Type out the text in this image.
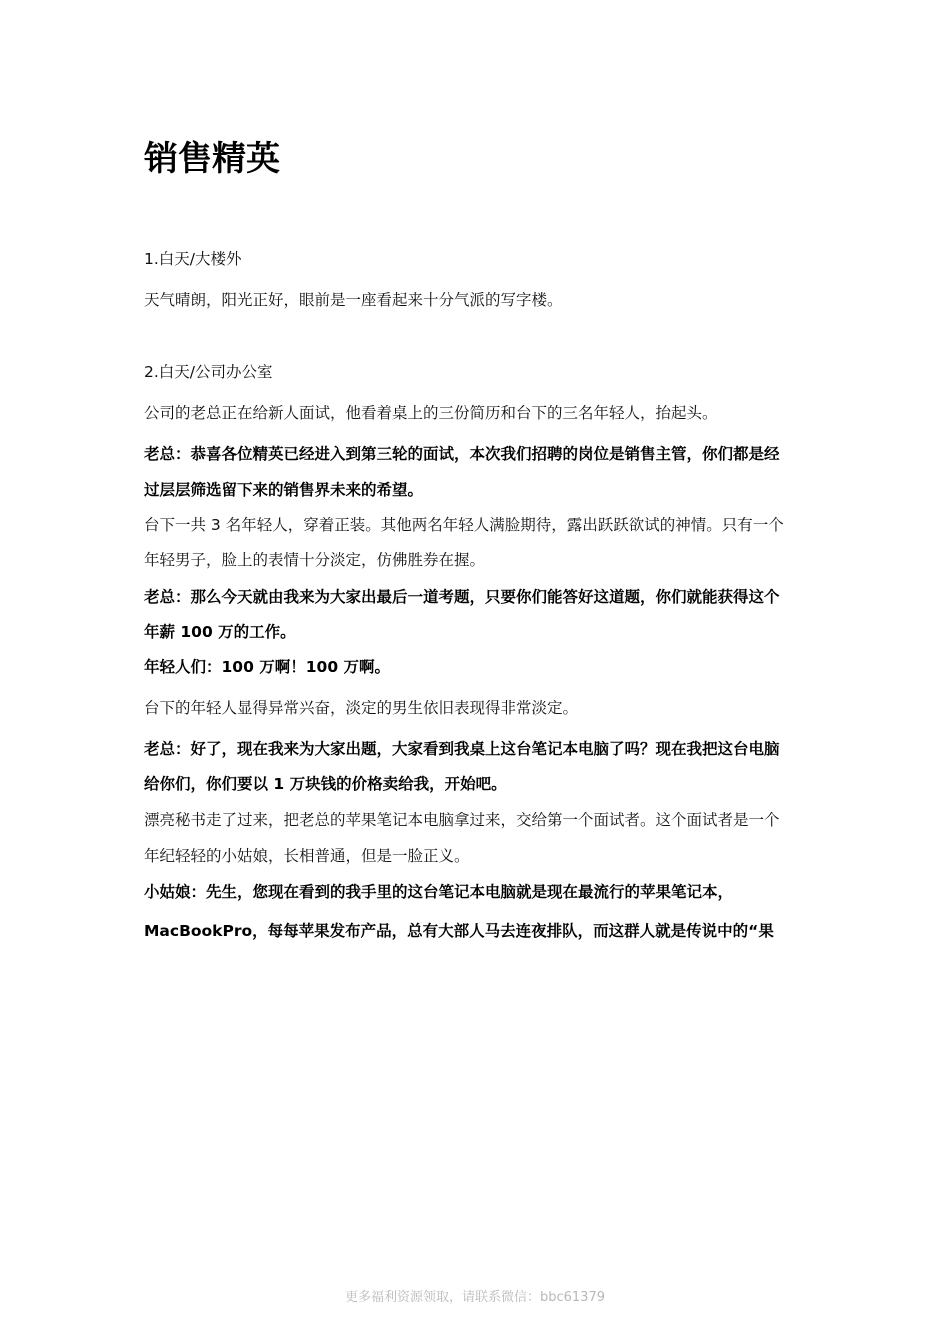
销售精英

1.白天/大楼外

天气晴朗，阳光正好，眼前是一座看起来十分气派的写字楼。

2.白天/公司办公室

公司的老总正在给新人面试，他看着桌上的三份简历和台下的三名年轻人，抬起头。

老总：恭喜各位精英已经进入到第三轮的面试，本次我们招聘的岗位是销售主管，你们都是经

过层层筛选留下来的销售界未来的希望。

台下一共 3 名年轻人，穿着正装。其他两名年轻人满脸期待，露出跃跃欲试的神情。只有一个

年轻男子，脸上的表情十分淡定，仿佛胜券在握。

老总：那么今天就由我来为大家出最后一道考题，只要你们能答好这道题，你们就能获得这个

年薪 100 万的工作。

年轻人们：100 万啊！100 万啊。

台下的年轻人显得异常兴奋，淡定的男生依旧表现得非常淡定。

老总：好了，现在我来为大家出题，大家看到我桌上这台笔记本电脑了吗？现在我把这台电脑

给你们，你们要以 1 万块钱的价格卖给我，开始吧。

漂亮秘书走了过来，把老总的苹果笔记本电脑拿过来，交给第一个面试者。这个面试者是一个

年纪轻轻的小姑娘，长相普通，但是一脸正义。

小姑娘：先生，您现在看到的我手里的这台笔记本电脑就是现在最流行的苹果笔记本，

MacBookPro，每每苹果发布产品，总有大部人马去连夜排队，而这群人就是传说中的“果

更多福利资源领取，请联系微信：bbc61379
